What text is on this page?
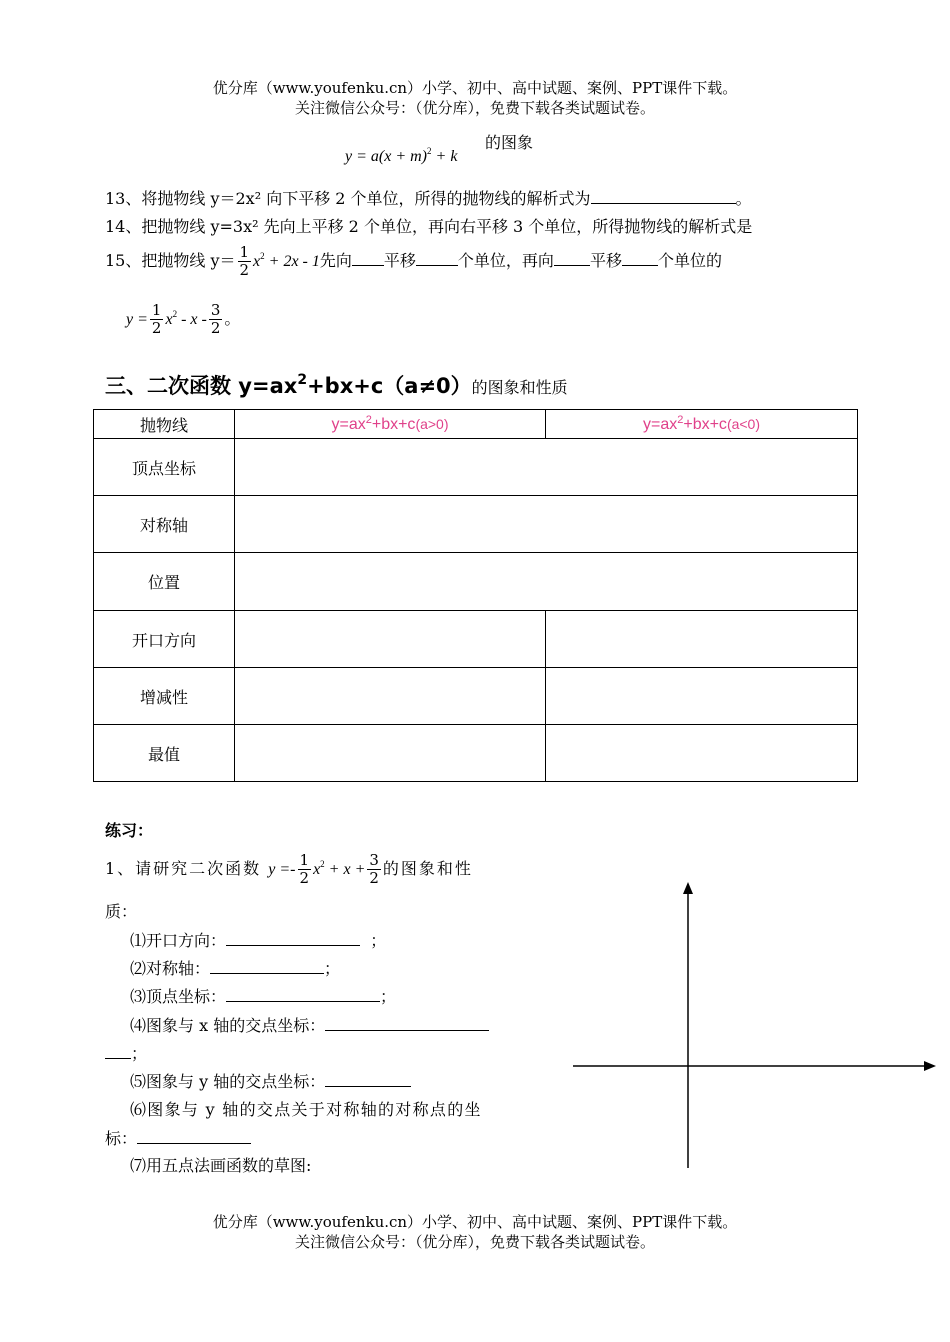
优分库（www.youfenku.cn）小学、初中、高中试题、案例、PPT课件下载。
关注微信公众号：（优分库），免费下载各类试题试卷。
的图象
$y = a(x + m)^2 + k$
13、将抛物线 y＝2x² 向下平移 2 个单位，所得的抛物线的解析式为	。
14、把抛物线 y=3x² 先向上平移 2 个单位，再向右平移 3 个单位，所得抛物线的解析式是
15、把抛物线 $y= \frac{1}{2} x^2 + 2x - 1$先向 平移	个单位，再向 平移 个单位的
$y = \frac{1}{2} x^2 - x - \frac{3}{2}$ 。
三、二次函数 $y=ax^2+bx+c(a\ne 0)$的图象和性质
抛物线	$y=ax^2+bx+c(a>0)$	$y=ax^2+bx+c(a<0)$
顶点坐标		
对称轴		
位置		
开口方向		
增减性		
最值		
练习：
1、请研究二次函数 $y =- \frac{1}{2} x^2 + x + \frac{3}{2}$ 的图象和性
质：
⑴开口方向：	；
⑵对称轴：	；
⑶顶点坐标：	；
⑷图象与 x 轴的交点坐标：
；
⑸图象与 y 轴的交点坐标：
⑹图象与 y 轴的交点关于对称轴的对称点的坐
标：
⑺用五点法画函数的草图:
优分库（www.youfenku.cn）小学、初中、高中试题、案例、PPT课件下载。
关注微信公众号：（优分库），免费下载各类试题试卷。
